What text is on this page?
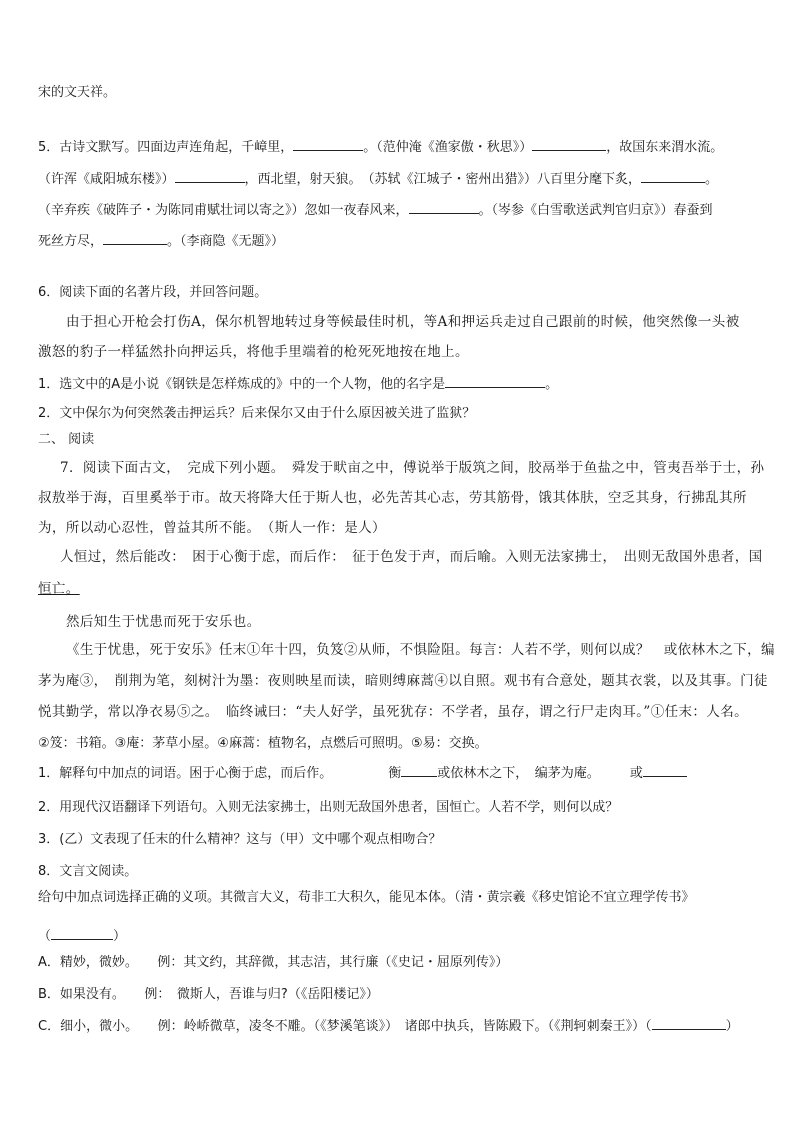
宋的文天祥。
5．古诗文默写。四面边声连角起，千嶂里，	。（范仲淹《渔家傲・秋思》）	，故国东来渭水流。
（许浑《咸阳城东楼》）	，西北望，射天狼。　（苏轼《江城子・密州出猎》）八百里分麾下炙，	。
（辛弃疾《破阵子・为陈同甫赋壮词以寄之》）忽如一夜春风来，	。（岑参《白雪歌送武判官归京》）春蚕到
死丝方尽，	。（李商隐《无题》）
6．阅读下面的名著片段，并回答问题。
由于担心开枪会打伤A，保尔机智地转过身等候最佳时机，等A和押运兵走过自己跟前的时候，他突然像一头被
激怒的豹子一样猛然扑向押运兵，将他手里端着的枪死死地按在地上。
1．选文中的A是小说《钢铁是怎样炼成的》中的一个人物，他的名字是	。
2．文中保尔为何突然袭击押运兵？后来保尔又由于什么原因被关进了监狱？
二、 阅读
7．阅读下面古文，　完成下列小题。　舜发于畎亩之中，傅说举于版筑之间，胶鬲举于鱼盐之中，管夷吾举于士，孙
叔敖举于海，百里奚举于市。故天将降大任于斯人也，必先苦其心志，劳其筋骨，饿其体肤，空乏其身，行拂乱其所
为，所以动心忍性，曾益其所不能。　（斯人一作：是人）
人恒过，然后能改：　困于心衡于虑，而后作：　征于色发于声，而后喻。入则无法家拂士，　出则无敌国外患者，国
恒亡。
然后知生于忧患而死于安乐也。
《生于忧患，死于安乐》任末①年十四，负笈②从师，不惧险阻。每言：人若不学，则何以成？　或依林木之下，编
茅为庵③，　削荆为笔，刻树汁为墨：夜则映星而读，暗则缚麻蒿④以自照。观书有合意处，题其衣裳，以及其事。门徒
悦其勤学，常以净衣易⑤之。　临终诫曰：“夫人好学，虽死犹存：不学者，虽存，谓之行尸走肉耳。”①任末：人名。
②笈：书箱。③庵：茅草小屋。④麻蒿：植物名，点燃后可照明。⑤易：交换。
1．解释句中加点的词语。困于心衡于虑，而后作。	衡	或依林木之下，　编茅为庵。 或
2．用现代汉语翻译下列语句。入则无法家拂士，出则无敌国外患者，国恒亡。人若不学，则何以成？
3．(乙）文表现了任末的什么精神？这与（甲）文中哪个观点相吻合？
8．文言文阅读。
给句中加点词选择正确的义项。其微言大义，苟非工大积久，能见本体。（清・黄宗羲《移史馆论不宜立理学传书》
（	）
A．精妙，微妙。　　例：其文约，其辞微，其志洁，其行廉（《史记・屈原列传》）
B．如果没有。　　例：　微斯人，吾谁与归?（《岳阳楼记》）
C．细小，微小。　　例：岭峤微草，凌冬不雕。（《梦溪笔谈》）　诸郎中执兵，皆陈殿下。（《荆轲刺秦王》）（	）
